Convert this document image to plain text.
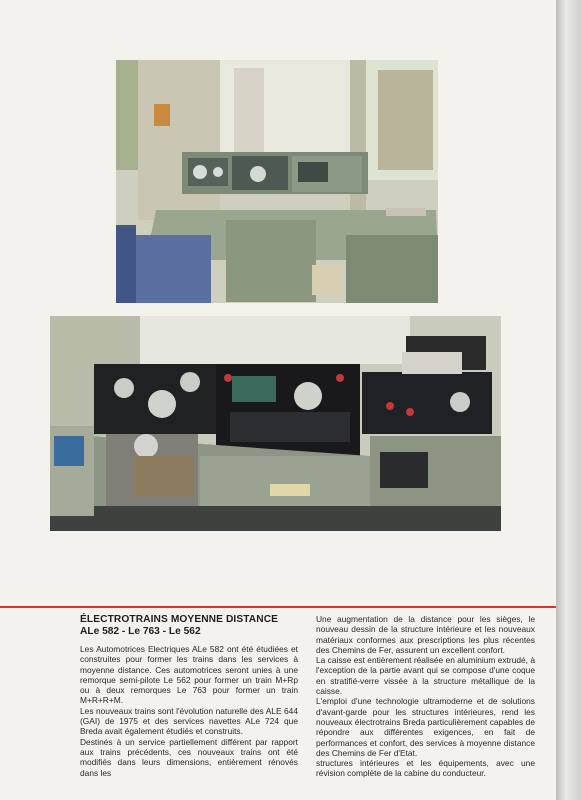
ÉLECTROTRAINS MOYENNE DISTANCE
ALe 582 - Le 763 - Le 562

Les Automotrices Electriques ALe 582 ont été étudiées et construites pour former les trains dans les services à moyenne distance. Ces automotrices seront unies à une remorque semi-pilote Le 562 pour former un train M+Rp ou à deux remorques Le 763 pour former un train M+R+R+M.

Les nouveaux trains sont l'évolution naturelle des ALE 644 (GAI) de 1975 et des services navettes ALe 724 que Breda avait également étudiés et construits.

Destinés à un service partiellement différent par rapport aux trains précédents, ces nouveaux trains ont été modifiés dans leurs dimensions, entièrement rénovés dans les

Une augmentation de la distance pour les sièges, le nouveau dessin de la structure intérieure et les nouveaux matériaux conformes aux prescriptions les plus récentes des Chemins de Fer, assurent un excellent confort.

La caisse est entièrement réalisée en aluminium extrudé, à l'exception de la partie avant qui se compose d'une coque en stratifié-verre vissée à la structure métallique de la caisse.

L'emploi d'une technologie ultramoderne et de solutions d'avant-garde pour les structures intérieures, rend les nouveaux électrotrains Breda particulièrement capables de répondre aux différentes exigences, en fait de performances et confort, des services à moyenne distance des Chemins de Fer d'Etat.

structures intérieures et les équipements, avec une révision complète de la cabine du conducteur.
